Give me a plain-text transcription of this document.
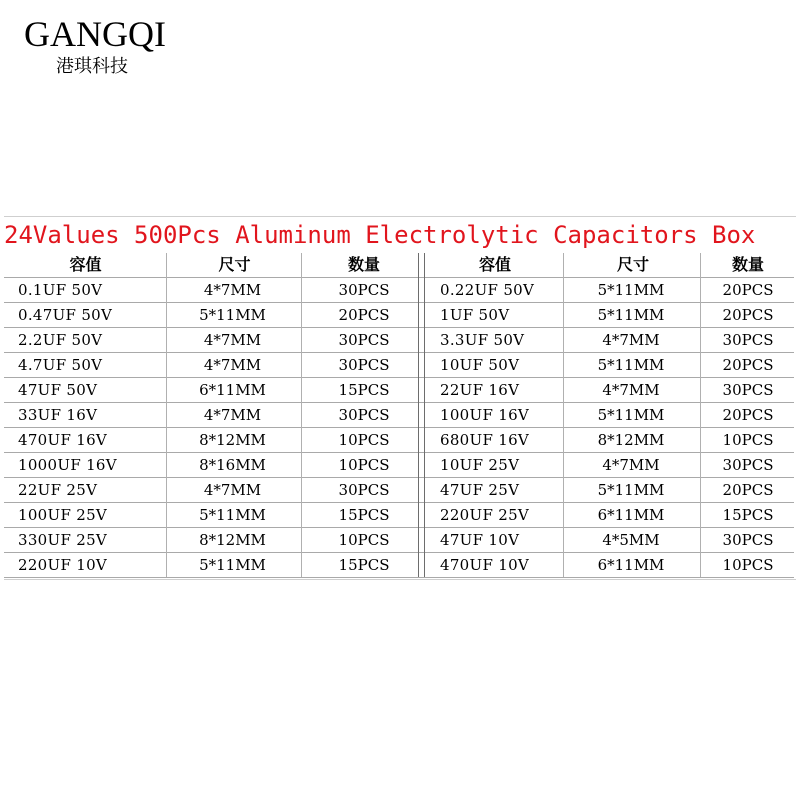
GANGQI
港琪科技
24Values 500Pcs Aluminum Electrolytic Capacitors Box
容值	尺寸	数量	容值	尺寸	数量
0.1UF 50V	4*7MM	30PCS	0.22UF 50V	5*11MM	20PCS
0.47UF 50V	5*11MM	20PCS	1UF 50V	5*11MM	20PCS
2.2UF 50V	4*7MM	30PCS	3.3UF 50V	4*7MM	30PCS
4.7UF 50V	4*7MM	30PCS	10UF 50V	5*11MM	20PCS
47UF 50V	6*11MM	15PCS	22UF 16V	4*7MM	30PCS
33UF 16V	4*7MM	30PCS	100UF 16V	5*11MM	20PCS
470UF 16V	8*12MM	10PCS	680UF 16V	8*12MM	10PCS
1000UF 16V	8*16MM	10PCS	10UF 25V	4*7MM	30PCS
22UF 25V	4*7MM	30PCS	47UF 25V	5*11MM	20PCS
100UF 25V	5*11MM	15PCS	220UF 25V	6*11MM	15PCS
330UF 25V	8*12MM	10PCS	47UF 10V	4*5MM	30PCS
220UF 10V	5*11MM	15PCS	470UF 10V	6*11MM	10PCS
